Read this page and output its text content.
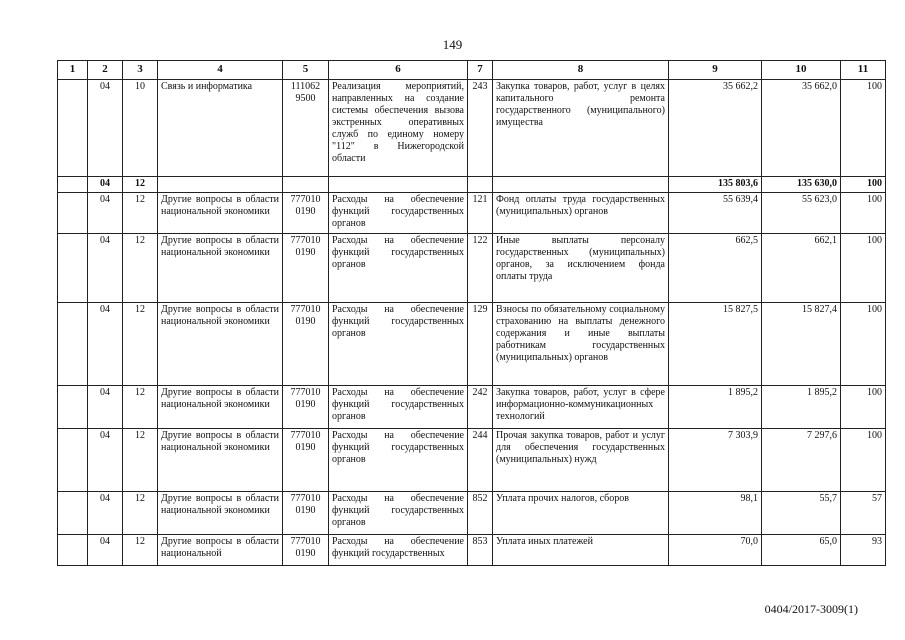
149
1	2	3	4	5	6	7	8	9	10	11
	04	10	Связь и информатика	111062 9500	Реализация мероприятий, направленных на создание системы обеспечения вызова экстренных оперативных служб по единому номеру "112" в Нижегородской области	243	Закупка товаров, работ, услуг в целях капитального ремонта государственного (муниципального) имущества	35 662,2	35 662,0	100
	04	12						135 803,6	135 630,0	100
	04	12	Другие вопросы в области национальной экономики	777010 0190	Расходы на обеспечение функций государственных органов	121	Фонд оплаты труда государственных (муниципальных) органов	55 639,4	55 623,0	100
	04	12	Другие вопросы в области национальной экономики	777010 0190	Расходы на обеспечение функций государственных органов	122	Иные выплаты персоналу государственных (муниципальных) органов, за исключением фонда оплаты труда	662,5	662,1	100
	04	12	Другие вопросы в области национальной экономики	777010 0190	Расходы на обеспечение функций государственных органов	129	Взносы по обязательному социальному страхованию на выплаты денежного содержания и иные выплаты работникам государственных (муниципальных) органов	15 827,5	15 827,4	100
	04	12	Другие вопросы в области национальной экономики	777010 0190	Расходы на обеспечение функций государственных органов	242	Закупка товаров, работ, услуг в сфере информационно-коммуникационных технологий	1 895,2	1 895,2	100
	04	12	Другие вопросы в области национальной экономики	777010 0190	Расходы на обеспечение функций государственных органов	244	Прочая закупка товаров, работ и услуг для обеспечения государственных (муниципальных) нужд	7 303,9	7 297,6	100
	04	12	Другие вопросы в области национальной экономики	777010 0190	Расходы на обеспечение функций государственных органов	852	Уплата прочих налогов, сборов	98,1	55,7	57
	04	12	Другие вопросы в области национальной	777010 0190	Расходы на обеспечение функций государственных	853	Уплата иных платежей	70,0	65,0	93
0404/2017-3009(1)
